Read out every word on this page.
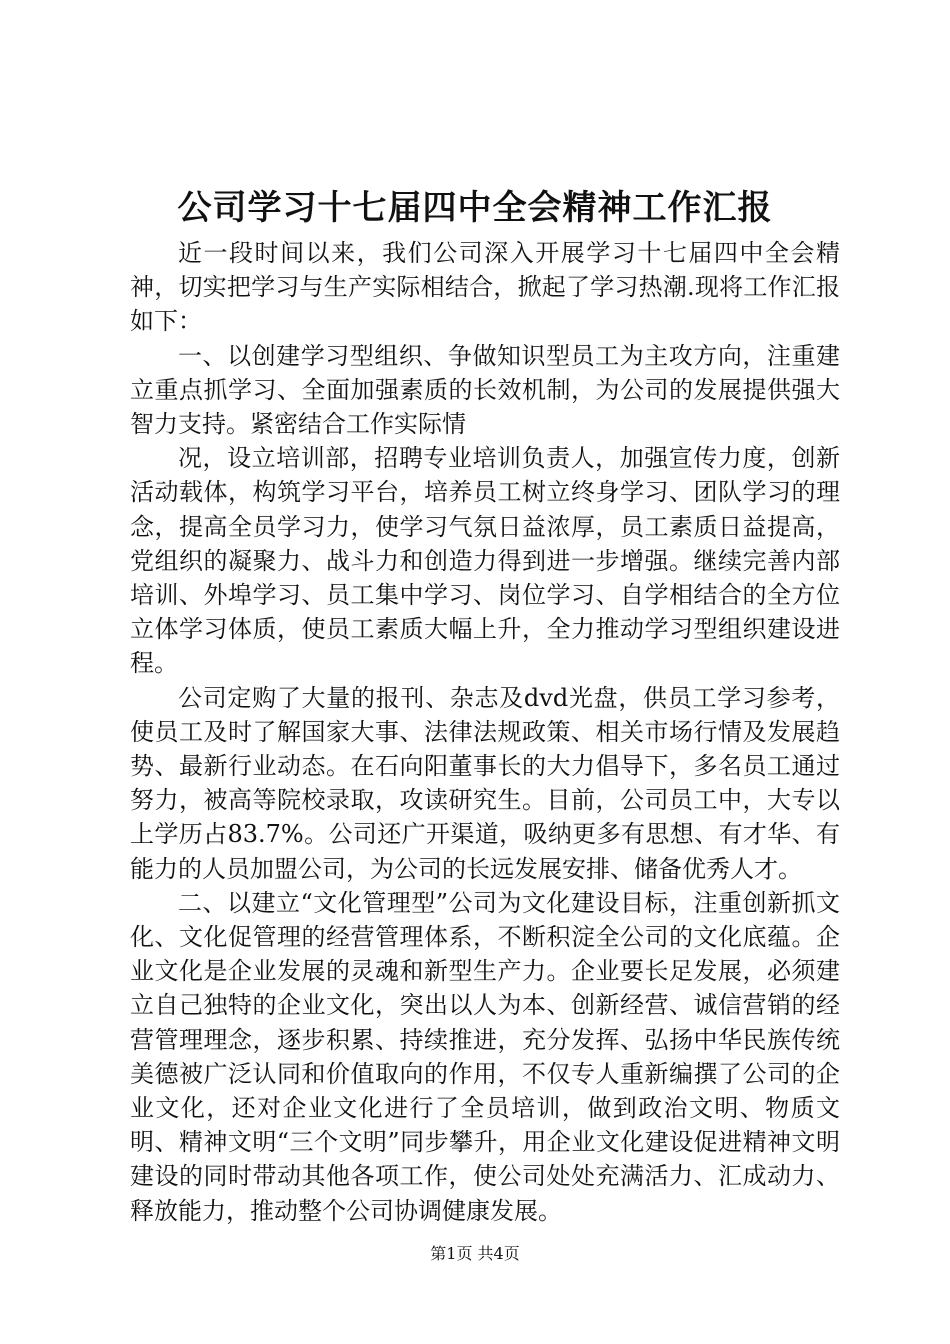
公司学习十七届四中全会精神工作汇报

近一段时间以来，我们公司深入开展学习十七届四中全会精神，切实把学习与生产实际相结合，掀起了学习热潮.现将工作汇报如下：

一、以创建学习型组织、争做知识型员工为主攻方向，注重建立重点抓学习、全面加强素质的长效机制，为公司的发展提供强大智力支持。紧密结合工作实际情

况，设立培训部，招聘专业培训负责人，加强宣传力度，创新活动载体，构筑学习平台，培养员工树立终身学习、团队学习的理念，提高全员学习力，使学习气氛日益浓厚，员工素质日益提高，党组织的凝聚力、战斗力和创造力得到进一步增强。继续完善内部培训、外埠学习、员工集中学习、岗位学习、自学相结合的全方位立体学习体质，使员工素质大幅上升，全力推动学习型组织建设进程。

公司定购了大量的报刊、杂志及dvd光盘，供员工学习参考，使员工及时了解国家大事、法律法规政策、相关市场行情及发展趋势、最新行业动态。在石向阳董事长的大力倡导下，多名员工通过努力，被高等院校录取，攻读研究生。目前，公司员工中，大专以上学历占83.7%。公司还广开渠道，吸纳更多有思想、有才华、有能力的人员加盟公司，为公司的长远发展安排、储备优秀人才。

二、以建立“文化管理型”公司为文化建设目标，注重创新抓文化、文化促管理的经营管理体系，不断积淀全公司的文化底蕴。企业文化是企业发展的灵魂和新型生产力。企业要长足发展，必须建立自己独特的企业文化，突出以人为本、创新经营、诚信营销的经营管理理念，逐步积累、持续推进，充分发挥、弘扬中华民族传统美德被广泛认同和价值取向的作用，不仅专人重新编撰了公司的企业文化，还对企业文化进行了全员培训，做到政治文明、物质文明、精神文明“三个文明”同步攀升，用企业文化建设促进精神文明建设的同时带动其他各项工作，使公司处处充满活力、汇成动力、释放能力，推动整个公司协调健康发展。

第1页 共4页
